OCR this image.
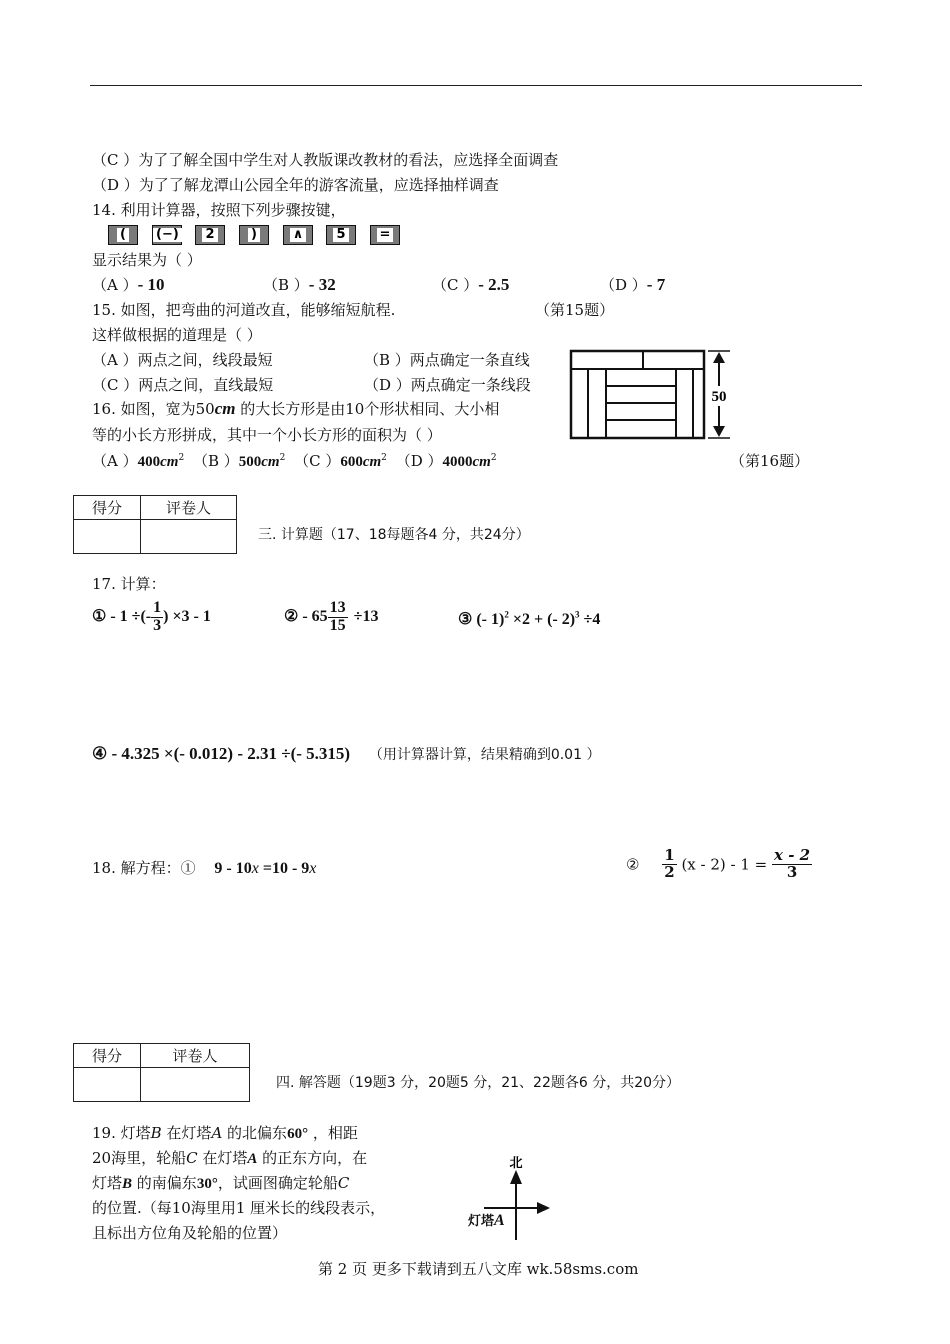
（C ）为了了解全国中学生对人教版课改教材的看法，应选择全面调查
（D ）为了了解龙潭山公园全年的游客流量，应选择抽样调查
14. 利用计算器，按照下列步骤按键，
(	(−)	2	)	∧	5	=
显示结果为（ ）
（A ）- 10	（B ）- 32	（C ）- 2.5	（D ）- 7
15. 如图，把弯曲的河道改直，能够缩短航程.	（第15题）
这样做根据的道理是（ ）
（A ）两点之间，线段最短	（B ）两点确定一条直线
（C ）两点之间，直线最短	（D ）两点确定一条线段
50
16. 如图，宽为50cm 的大长方形是由10个形状相同、大小相
等的小长方形拼成，其中一个小长方形的面积为（ ）
（A ）$400cm^2$ （B ）$500cm^2$ （C ）$600cm^2$ （D ）$4000cm^2$	（第16题）
得分	评卷人

三. 计算题（17、18每题各4 分，共24分）
17. 计算：
① - 1 ÷(- $\frac{1}{3}$ ) ×3 - 1	② - $65 \frac{13}{15} \div 13$	③ (- 1)$^2$ ×2 + (- 2)$^3$ ÷4
④ - 4.325 ×(- 0.012) - 2.31 ÷(- 5.315) （用计算器计算，结果精确到0.01 ）
18. 解方程：① 9 - 10x =10 - 9x	② $\frac{1}{2} (x - 2) - 1 = \frac{x - 2}{3}$
得分	评卷人

四. 解答题（19题3 分，20题5 分，21、22题各6 分，共20分）
19. 灯塔B 在灯塔A 的北偏东60° ，相距
20海里，轮船C 在灯塔A 的正东方向，在
灯塔B 的南偏东30°，试画图确定轮船C
的位置.（每10海里用1 厘米长的线段表示，
且标出方位角及轮船的位置）
北
灯塔A
第 2 页 更多下载请到五八文库 wk.58sms.com
